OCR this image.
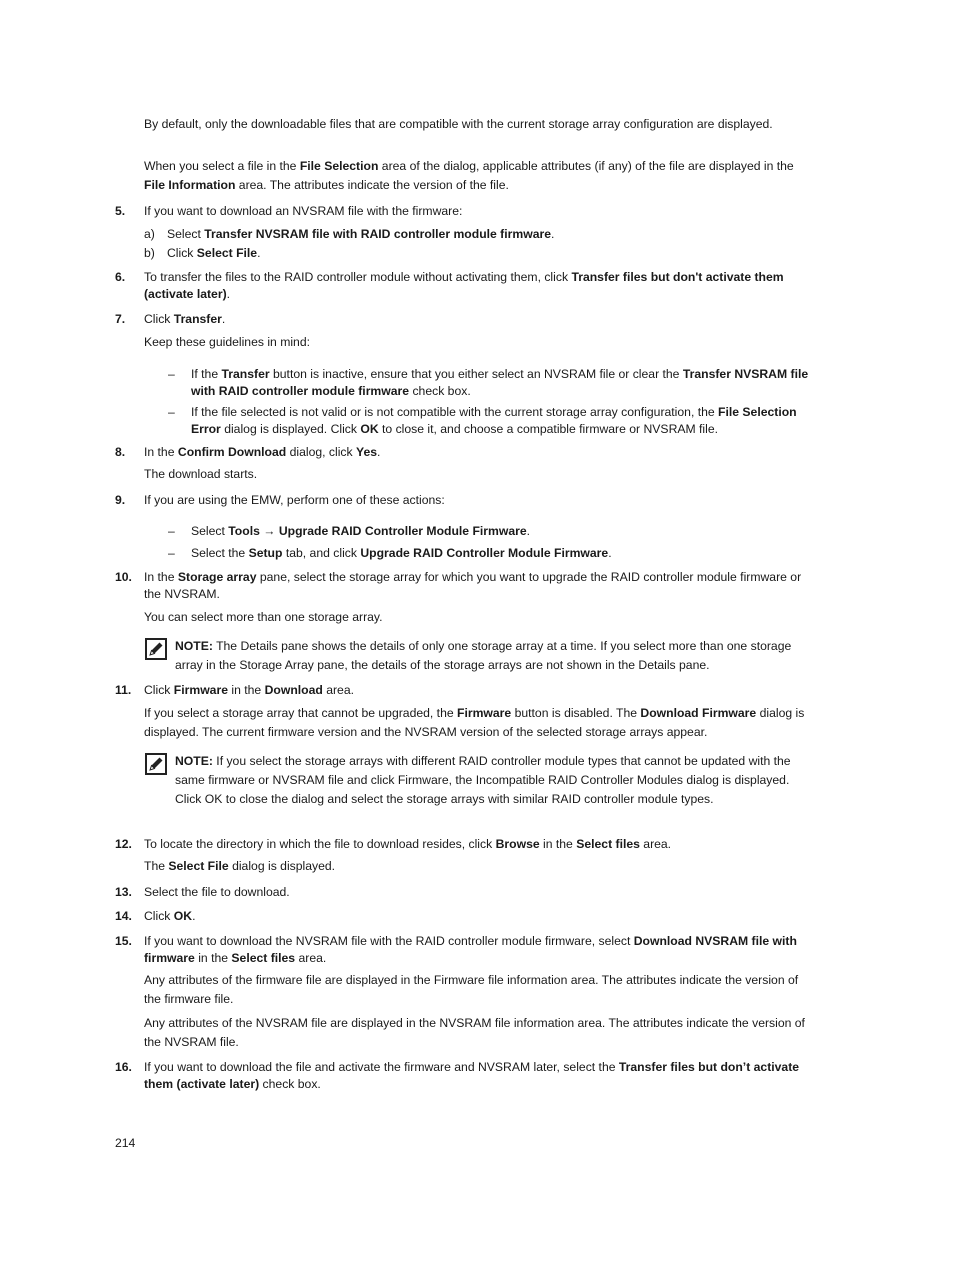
By default, only the downloadable files that are compatible with the current storage array configuration are displayed.
When you select a file in the File Selection area of the dialog, applicable attributes (if any) of the file are displayed in the File Information area. The attributes indicate the version of the file.
5. If you want to download an NVSRAM file with the firmware:
a) Select Transfer NVSRAM file with RAID controller module firmware.
b) Click Select File.
6. To transfer the files to the RAID controller module without activating them, click Transfer files but don't activate them (activate later).
7. Click Transfer.
Keep these guidelines in mind:
– If the Transfer button is inactive, ensure that you either select an NVSRAM file or clear the Transfer NVSRAM file with RAID controller module firmware check box.
– If the file selected is not valid or is not compatible with the current storage array configuration, the File Selection Error dialog is displayed. Click OK to close it, and choose a compatible firmware or NVSRAM file.
8. In the Confirm Download dialog, click Yes.
The download starts.
9. If you are using the EMW, perform one of these actions:
– Select Tools → Upgrade RAID Controller Module Firmware.
– Select the Setup tab, and click Upgrade RAID Controller Module Firmware.
10. In the Storage array pane, select the storage array for which you want to upgrade the RAID controller module firmware or the NVSRAM.
You can select more than one storage array.
NOTE: The Details pane shows the details of only one storage array at a time. If you select more than one storage array in the Storage Array pane, the details of the storage arrays are not shown in the Details pane.
11. Click Firmware in the Download area.
If you select a storage array that cannot be upgraded, the Firmware button is disabled. The Download Firmware dialog is displayed. The current firmware version and the NVSRAM version of the selected storage arrays appear.
NOTE: If you select the storage arrays with different RAID controller module types that cannot be updated with the same firmware or NVSRAM file and click Firmware, the Incompatible RAID Controller Modules dialog is displayed. Click OK to close the dialog and select the storage arrays with similar RAID controller module types.
12. To locate the directory in which the file to download resides, click Browse in the Select files area.
The Select File dialog is displayed.
13. Select the file to download.
14. Click OK.
15. If you want to download the NVSRAM file with the RAID controller module firmware, select Download NVSRAM file with firmware in the Select files area.
Any attributes of the firmware file are displayed in the Firmware file information area. The attributes indicate the version of the firmware file.
Any attributes of the NVSRAM file are displayed in the NVSRAM file information area. The attributes indicate the version of the NVSRAM file.
16. If you want to download the file and activate the firmware and NVSRAM later, select the Transfer files but don’t activate them (activate later) check box.
214
